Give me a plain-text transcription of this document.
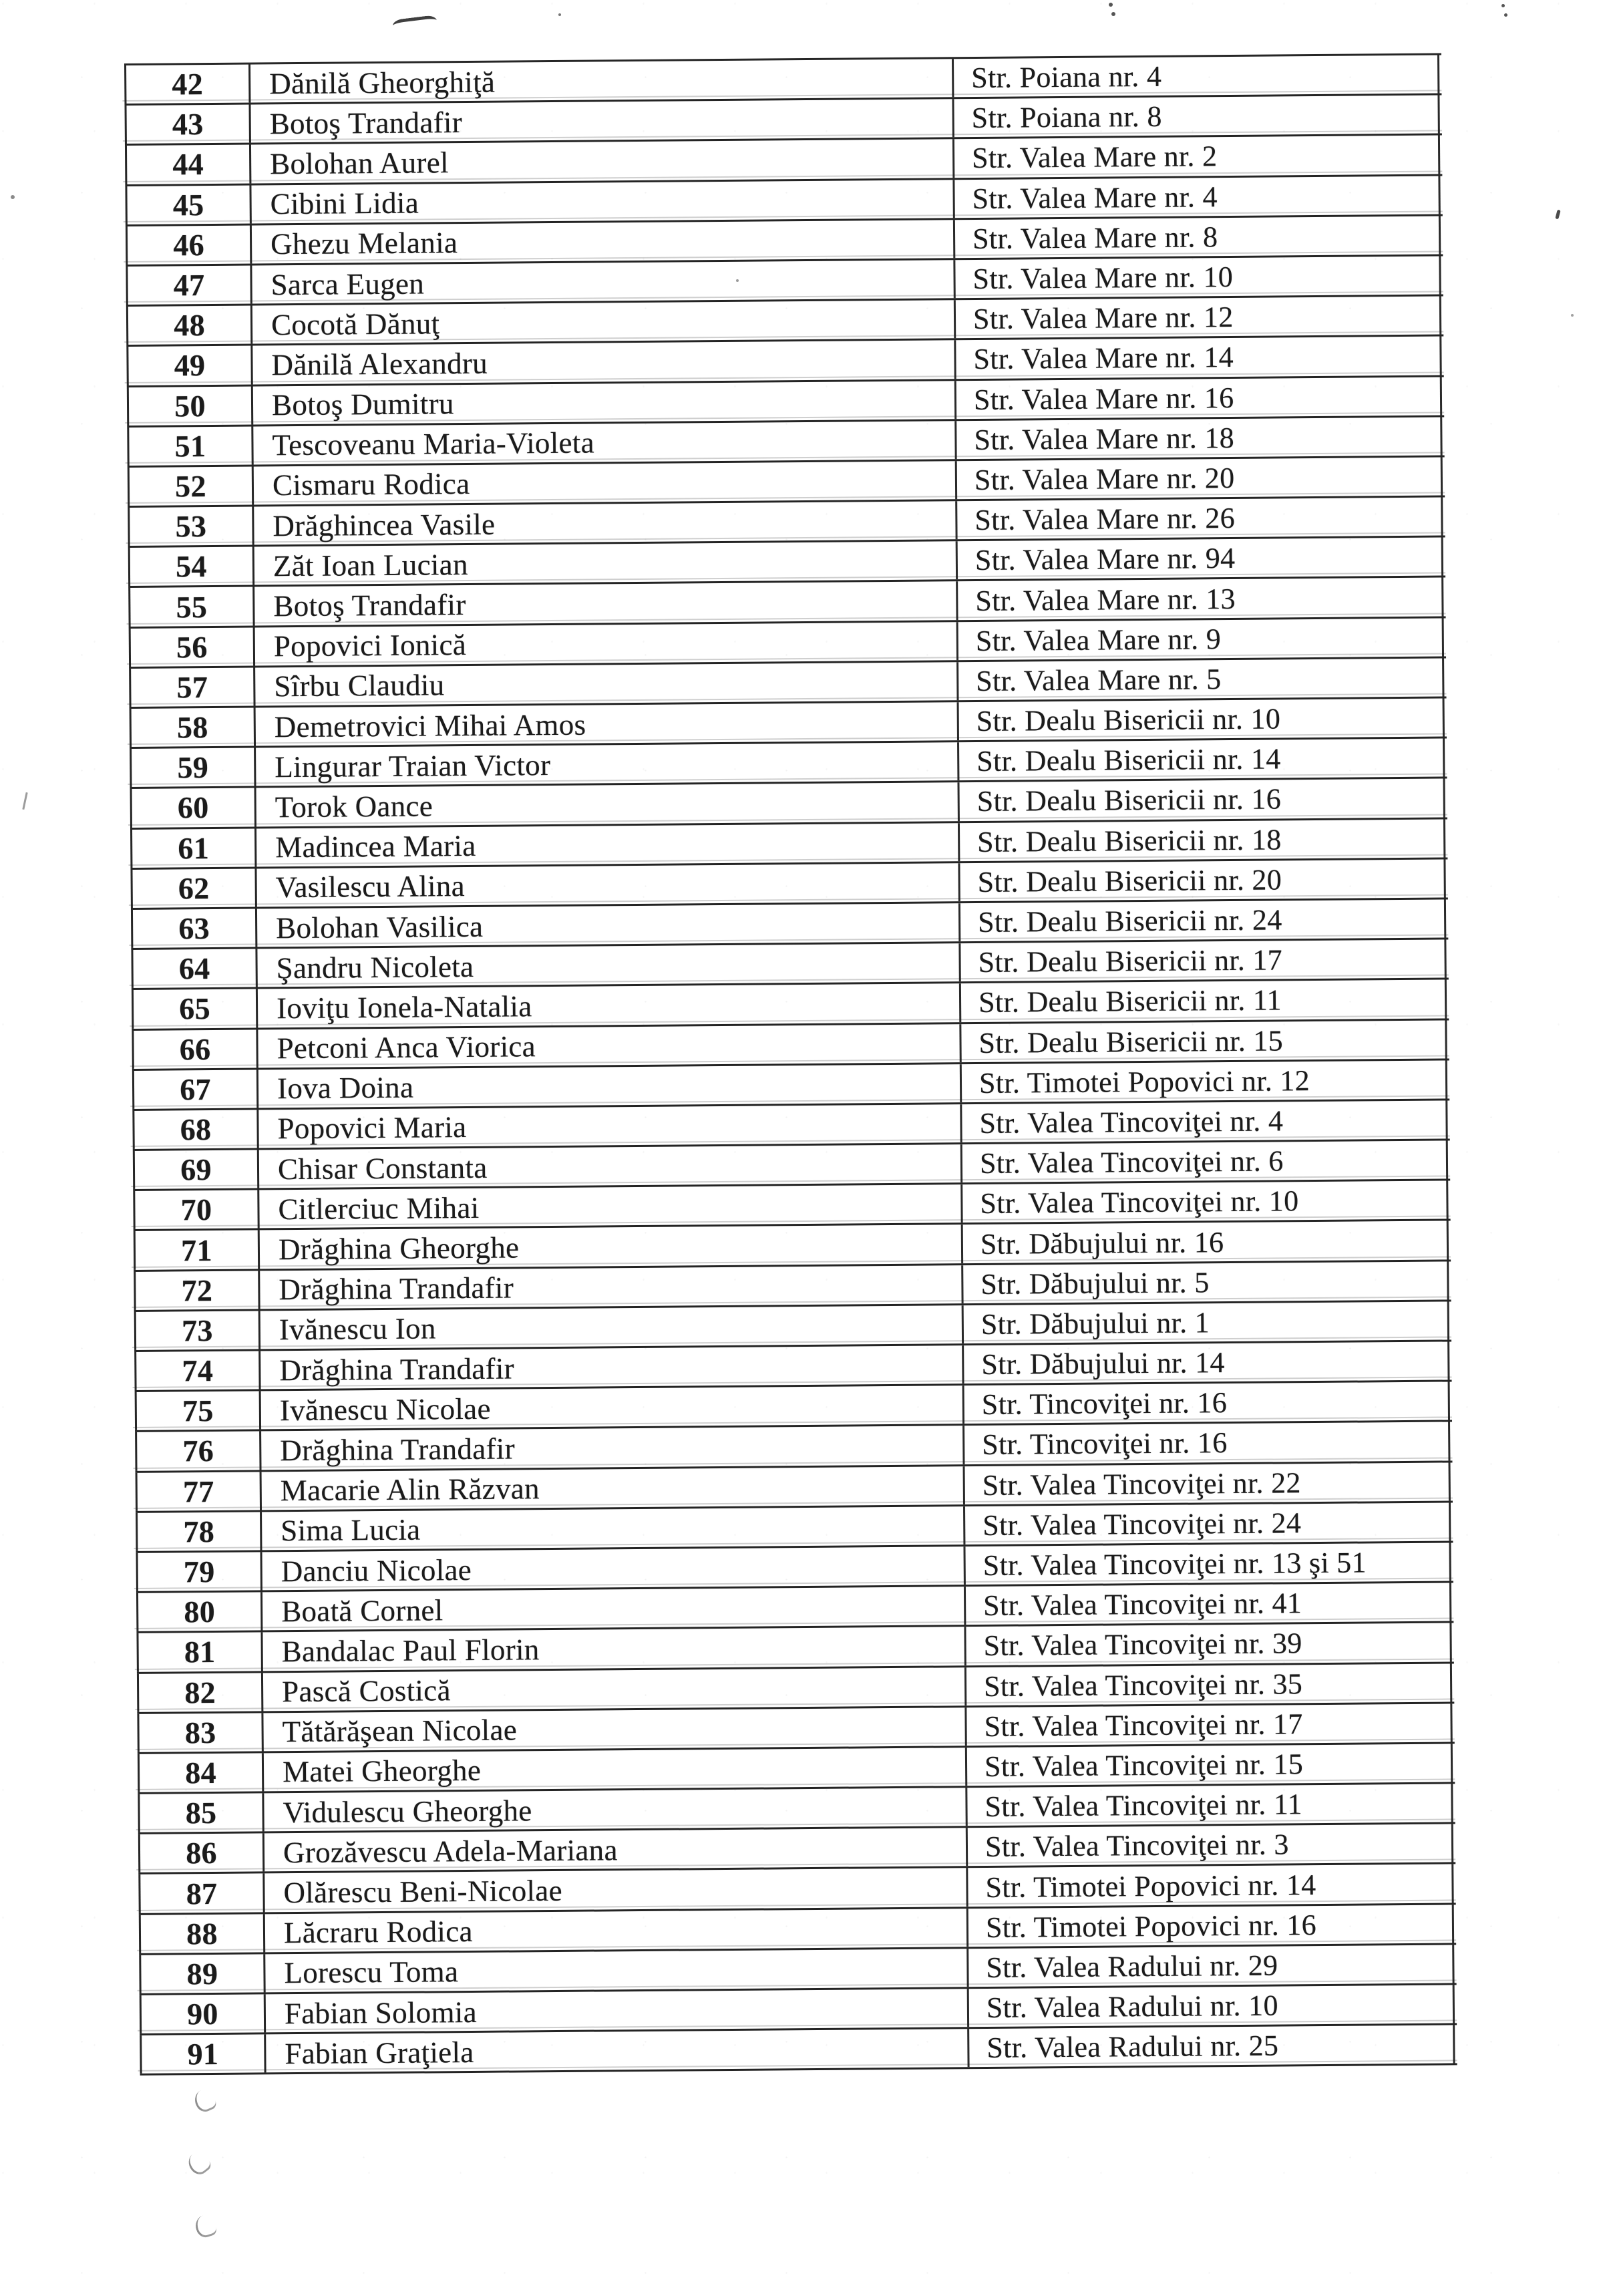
42	Dănilă Gheorghiţă	Str. Poiana nr. 4
43	Botoş Trandafir	Str. Poiana nr. 8
44	Bolohan Aurel	Str. Valea Mare nr. 2
45	Cibini Lidia	Str. Valea Mare nr. 4
46	Ghezu Melania	Str. Valea Mare nr. 8
47	Sarca Eugen	Str. Valea Mare nr. 10
48	Cocotă Dănuţ	Str. Valea Mare nr. 12
49	Dănilă Alexandru	Str. Valea Mare nr. 14
50	Botoş Dumitru	Str. Valea Mare nr. 16
51	Tescoveanu Maria-Violeta	Str. Valea Mare nr. 18
52	Cismaru Rodica	Str. Valea Mare nr. 20
53	Drăghincea Vasile	Str. Valea Mare nr. 26
54	Zăt Ioan Lucian	Str. Valea Mare nr. 94
55	Botoş Trandafir	Str. Valea Mare nr. 13
56	Popovici Ionică	Str. Valea Mare nr. 9
57	Sîrbu Claudiu	Str. Valea Mare nr. 5
58	Demetrovici Mihai Amos	Str. Dealu Bisericii nr. 10
59	Lingurar Traian Victor	Str. Dealu Bisericii nr. 14
60	Torok Oance	Str. Dealu Bisericii nr. 16
61	Madincea Maria	Str. Dealu Bisericii nr. 18
62	Vasilescu Alina	Str. Dealu Bisericii nr. 20
63	Bolohan Vasilica	Str. Dealu Bisericii nr. 24
64	Şandru Nicoleta	Str. Dealu Bisericii nr. 17
65	Ioviţu Ionela-Natalia	Str. Dealu Bisericii nr. 11
66	Petconi Anca Viorica	Str. Dealu Bisericii nr. 15
67	Iova Doina	Str. Timotei Popovici nr. 12
68	Popovici Maria	Str. Valea Tincoviţei nr. 4
69	Chisar Constanta	Str. Valea Tincoviţei nr. 6
70	Citlerciuc Mihai	Str. Valea Tincoviţei nr. 10
71	Drăghina Gheorghe	Str. Dăbujului nr. 16
72	Drăghina Trandafir	Str. Dăbujului nr. 5
73	Ivănescu Ion	Str. Dăbujului nr. 1
74	Drăghina Trandafir	Str. Dăbujului nr. 14
75	Ivănescu Nicolae	Str. Tincoviţei nr. 16
76	Drăghina Trandafir	Str. Tincoviţei nr. 16
77	Macarie Alin Răzvan	Str. Valea Tincoviţei nr. 22
78	Sima Lucia	Str. Valea Tincoviţei nr. 24
79	Danciu Nicolae	Str. Valea Tincoviţei nr. 13 şi 51
80	Boată Cornel	Str. Valea Tincoviţei nr. 41
81	Bandalac Paul Florin	Str. Valea Tincoviţei nr. 39
82	Pască Costică	Str. Valea Tincoviţei nr. 35
83	Tătărăşean Nicolae	Str. Valea Tincoviţei nr. 17
84	Matei Gheorghe	Str. Valea Tincoviţei nr. 15
85	Vidulescu Gheorghe	Str. Valea Tincoviţei nr. 11
86	Grozăvescu Adela-Mariana	Str. Valea Tincoviţei nr. 3
87	Olărescu Beni-Nicolae	Str. Timotei Popovici nr. 14
88	Lăcraru Rodica	Str. Timotei Popovici nr. 16
89	Lorescu Toma	Str. Valea Radului nr. 29
90	Fabian Solomia	Str. Valea Radului nr. 10
91	Fabian Graţiela	Str. Valea Radului nr. 25
